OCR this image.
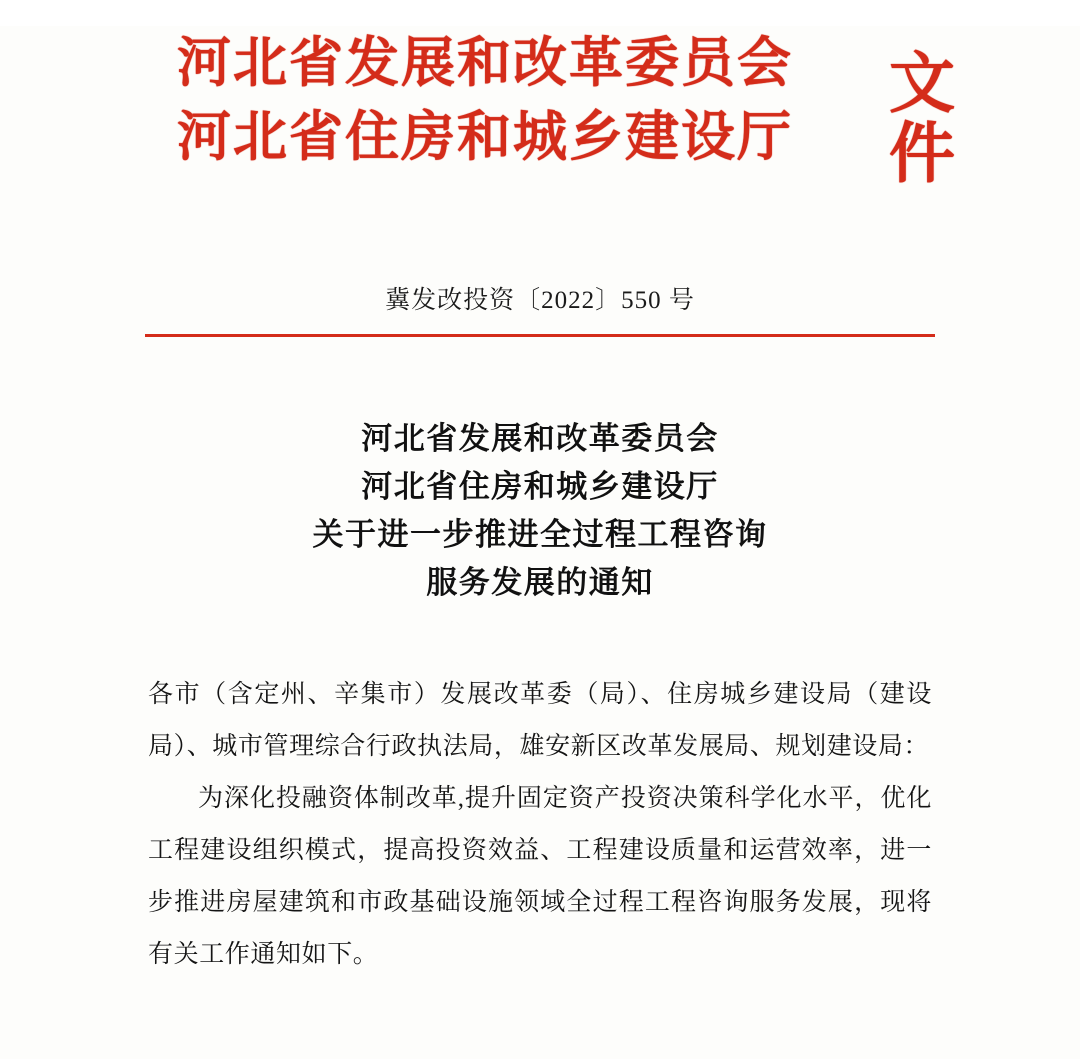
河北省发展和改革委员会
河北省住房和城乡建设厅
文件
冀发改投资〔2022〕550 号
河北省发展和改革委员会
河北省住房和城乡建设厅
关于进一步推进全过程工程咨询
服务发展的通知
各市（含定州、辛集市）发展改革委（局）、住房城乡建设局（建设局）、城市管理综合行政执法局，雄安新区改革发展局、规划建设局：
为深化投融资体制改革,提升固定资产投资决策科学化水平，优化工程建设组织模式，提高投资效益、工程建设质量和运营效率，进一步推进房屋建筑和市政基础设施领域全过程工程咨询服务发展，现将有关工作通知如下。
